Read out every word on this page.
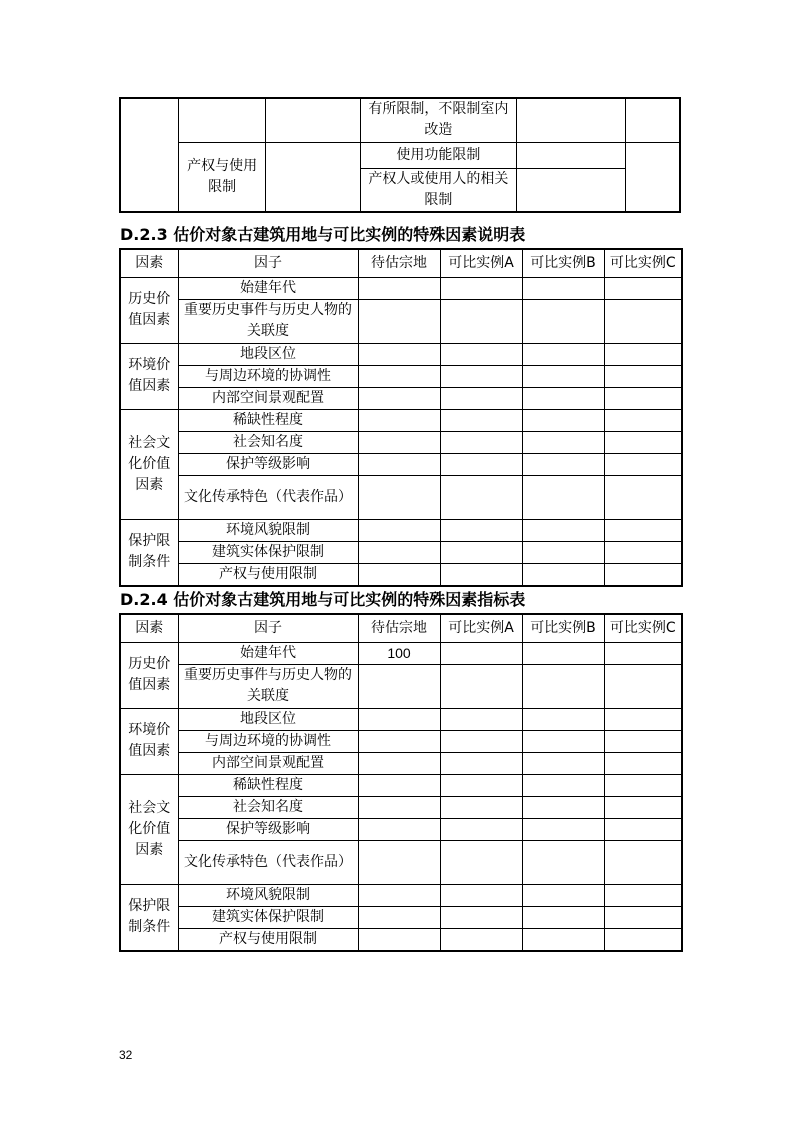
			有所限制，不限制室内改造		
	产权与使用限制		使用功能限制		
			产权人或使用人的相关限制		
D.2.3 估价对象古建筑用地与可比实例的特殊因素说明表
因素	因子	待估宗地	可比实例A	可比实例B	可比实例C
历史价值因素	始建年代				
	重要历史事件与历史人物的关联度				
环境价值因素	地段区位				
	与周边环境的协调性				
	内部空间景观配置				
社会文化价值因素	稀缺性程度				
	社会知名度				
	保护等级影响				
	文化传承特色（代表作品）				
保护限制条件	环境风貌限制				
	建筑实体保护限制				
	产权与使用限制				
D.2.4 估价对象古建筑用地与可比实例的特殊因素指标表
因素	因子	待估宗地	可比实例A	可比实例B	可比实例C
历史价值因素	始建年代	100			
	重要历史事件与历史人物的关联度				
环境价值因素	地段区位				
	与周边环境的协调性				
	内部空间景观配置				
社会文化价值因素	稀缺性程度				
	社会知名度				
	保护等级影响				
	文化传承特色（代表作品）				
保护限制条件	环境风貌限制				
	建筑实体保护限制				
	产权与使用限制				
32
